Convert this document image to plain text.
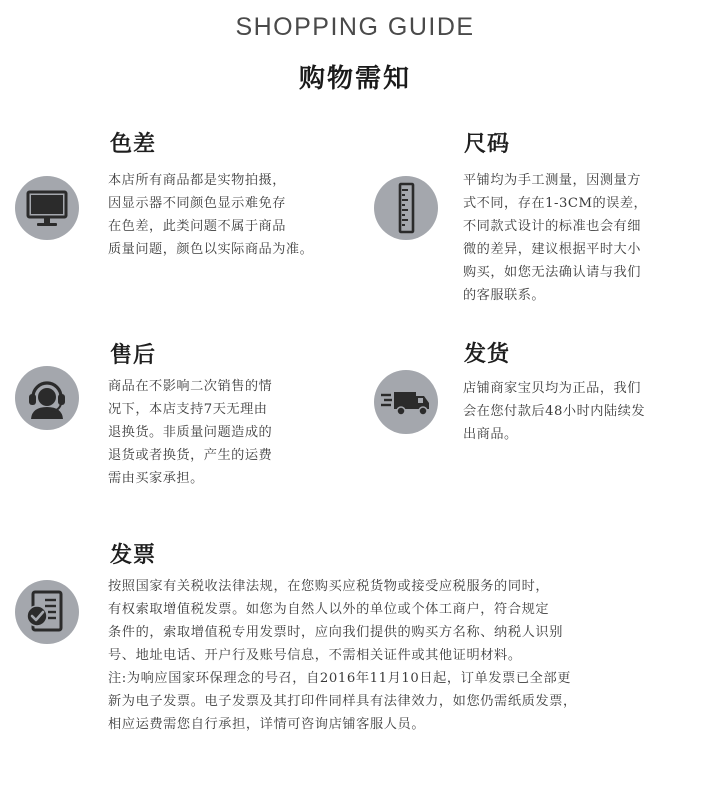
SHOPPING GUIDE
购物需知
色差
本店所有商品都是实物拍摄，
因显示器不同颜色显示难免存
在色差，此类问题不属于商品
质量问题，颜色以实际商品为准。
尺码
平铺均为手工测量，因测量方
式不同，存在1-3CM的误差，
不同款式设计的标准也会有细
微的差异，建议根据平时大小
购买，如您无法确认请与我们
的客服联系。
售后
商品在不影响二次销售的情
况下，本店支持7天无理由
退换货。非质量问题造成的
退货或者换货，产生的运费
需由买家承担。
发货
店铺商家宝贝均为正品，我们
会在您付款后48小时内陆续发
出商品。
发票
按照国家有关税收法律法规，在您购买应税货物或接受应税服务的同时，
有权索取增值税发票。如您为自然人以外的单位或个体工商户，符合规定
条件的，索取增值税专用发票时，应向我们提供的购买方名称、纳税人识别
号、地址电话、开户行及账号信息，不需相关证件或其他证明材料。
注:为响应国家环保理念的号召，自2016年11月10日起，订单发票已全部更
新为电子发票。电子发票及其打印件同样具有法律效力，如您仍需纸质发票，
相应运费需您自行承担，详情可咨询店铺客服人员。
